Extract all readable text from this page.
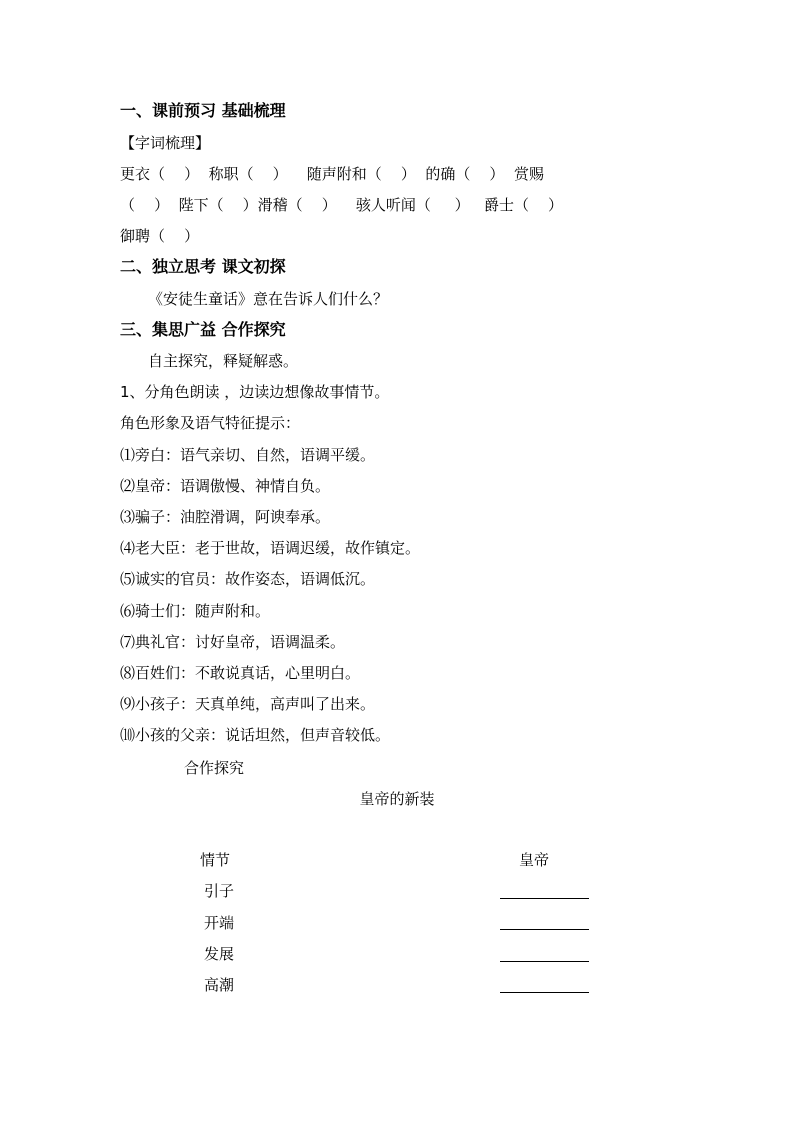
一、课前预习 基础梳理
【字词梳理】
更衣（    ）  称职（    ）    随声附和（    ）  的确（    ）  赏赐
（    ）  陛下（    ）滑稽（    ）    骇人听闻（     ）   爵士（    ）
御聘（    ）
二、独立思考 课文初探
《安徒生童话》意在告诉人们什么？
三、集思广益 合作探究
自主探究，释疑解惑。
1、分角色朗读 ，边读边想像故事情节。
角色形象及语气特征提示：
⑴旁白：语气亲切、自然，语调平缓。
⑵皇帝：语调傲慢、神情自负。
⑶骗子：油腔滑调，阿谀奉承。
⑷老大臣：老于世故，语调迟缓，故作镇定。
⑸诚实的官员：故作姿态，语调低沉。
⑹骑士们：随声附和。
⑺典礼官：讨好皇帝，语调温柔。
⑻百姓们：不敢说真话，心里明白。
⑼小孩子：天真单纯，高声叫了出来。
⑽小孩的父亲：说话坦然，但声音较低。
合作探究
皇帝的新装
情节	皇帝
引子
开端
发展
高潮
